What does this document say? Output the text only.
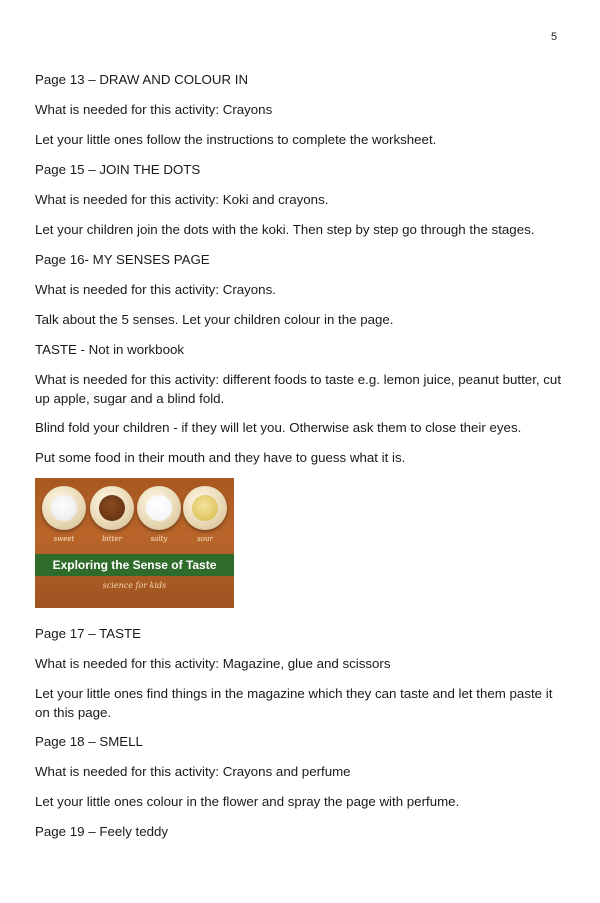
5

Page 13 – DRAW AND COLOUR IN

What is needed for this activity: Crayons

Let your little ones follow the instructions to complete the worksheet.

Page 15 – JOIN THE DOTS

What is needed for this activity: Koki and crayons.

Let your children join the dots with the koki. Then step by step go through the stages.

Page 16- MY SENSES PAGE

What is needed for this activity: Crayons.

Talk about the 5 senses. Let your children colour in the page.

TASTE - Not in workbook

What is needed for this activity: different foods to taste e.g. lemon juice, peanut butter, cut up apple, sugar and a blind fold.

Blind fold your children - if they will let you. Otherwise ask them to close their eyes.

Put some food in their mouth and they have to guess what it is.

sweet	bitter	salty	sour
Exploring the Sense of Taste
science for kids

Page 17 – TASTE

What is needed for this activity: Magazine, glue and scissors

Let your little ones find things in the magazine which they can taste and let them paste it on this page.

Page 18 – SMELL

What is needed for this activity: Crayons and perfume

Let your little ones colour in the flower and spray the page with perfume.

Page 19 – Feely teddy
